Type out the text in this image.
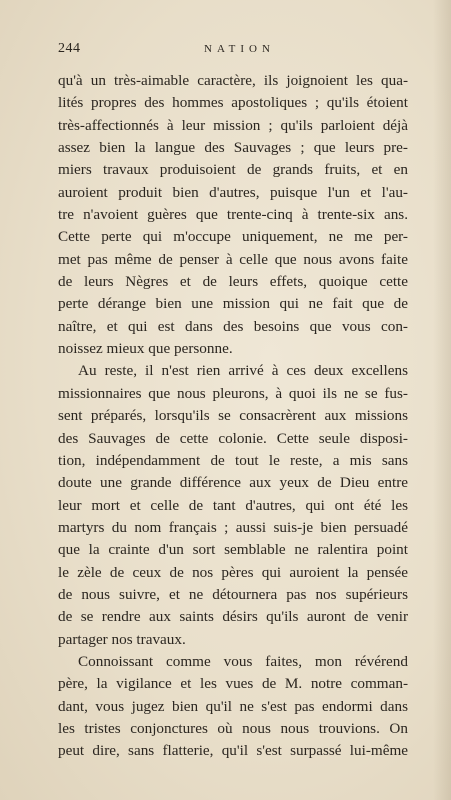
244	NATION
qu'à un très-aimable caractère, ils joignoient les qua-
lités propres des hommes apostoliques ; qu'ils étoient
très-affectionnés à leur mission ; qu'ils parloient déjà
assez bien la langue des Sauvages ; que leurs pre-
miers travaux produisoient de grands fruits, et en
auroient produit bien d'autres, puisque l'un et l'au-
tre n'avoient guères que trente-cinq à trente-six ans.
Cette perte qui m'occupe uniquement, ne me per-
met pas même de penser à celle que nous avons faite
de leurs Nègres et de leurs effets, quoique cette
perte dérange bien une mission qui ne fait que de
naître, et qui est dans des besoins que vous con-
noissez mieux que personne.
Au reste, il n'est rien arrivé à ces deux excellens
missionnaires que nous pleurons, à quoi ils ne se fus-
sent préparés, lorsqu'ils se consacrèrent aux missions
des Sauvages de cette colonie. Cette seule disposi-
tion, indépendamment de tout le reste, a mis sans
doute une grande différence aux yeux de Dieu entre
leur mort et celle de tant d'autres, qui ont été les
martyrs du nom français ; aussi suis-je bien persuadé
que la crainte d'un sort semblable ne ralentira point
le zèle de ceux de nos pères qui auroient la pensée
de nous suivre, et ne détournera pas nos supérieurs
de se rendre aux saints désirs qu'ils auront de venir
partager nos travaux.
Connoissant comme vous faites, mon révérend
père, la vigilance et les vues de M. notre comman-
dant, vous jugez bien qu'il ne s'est pas endormi dans
les tristes conjonctures où nous nous trouvions. On
peut dire, sans flatterie, qu'il s'est surpassé lui-même
